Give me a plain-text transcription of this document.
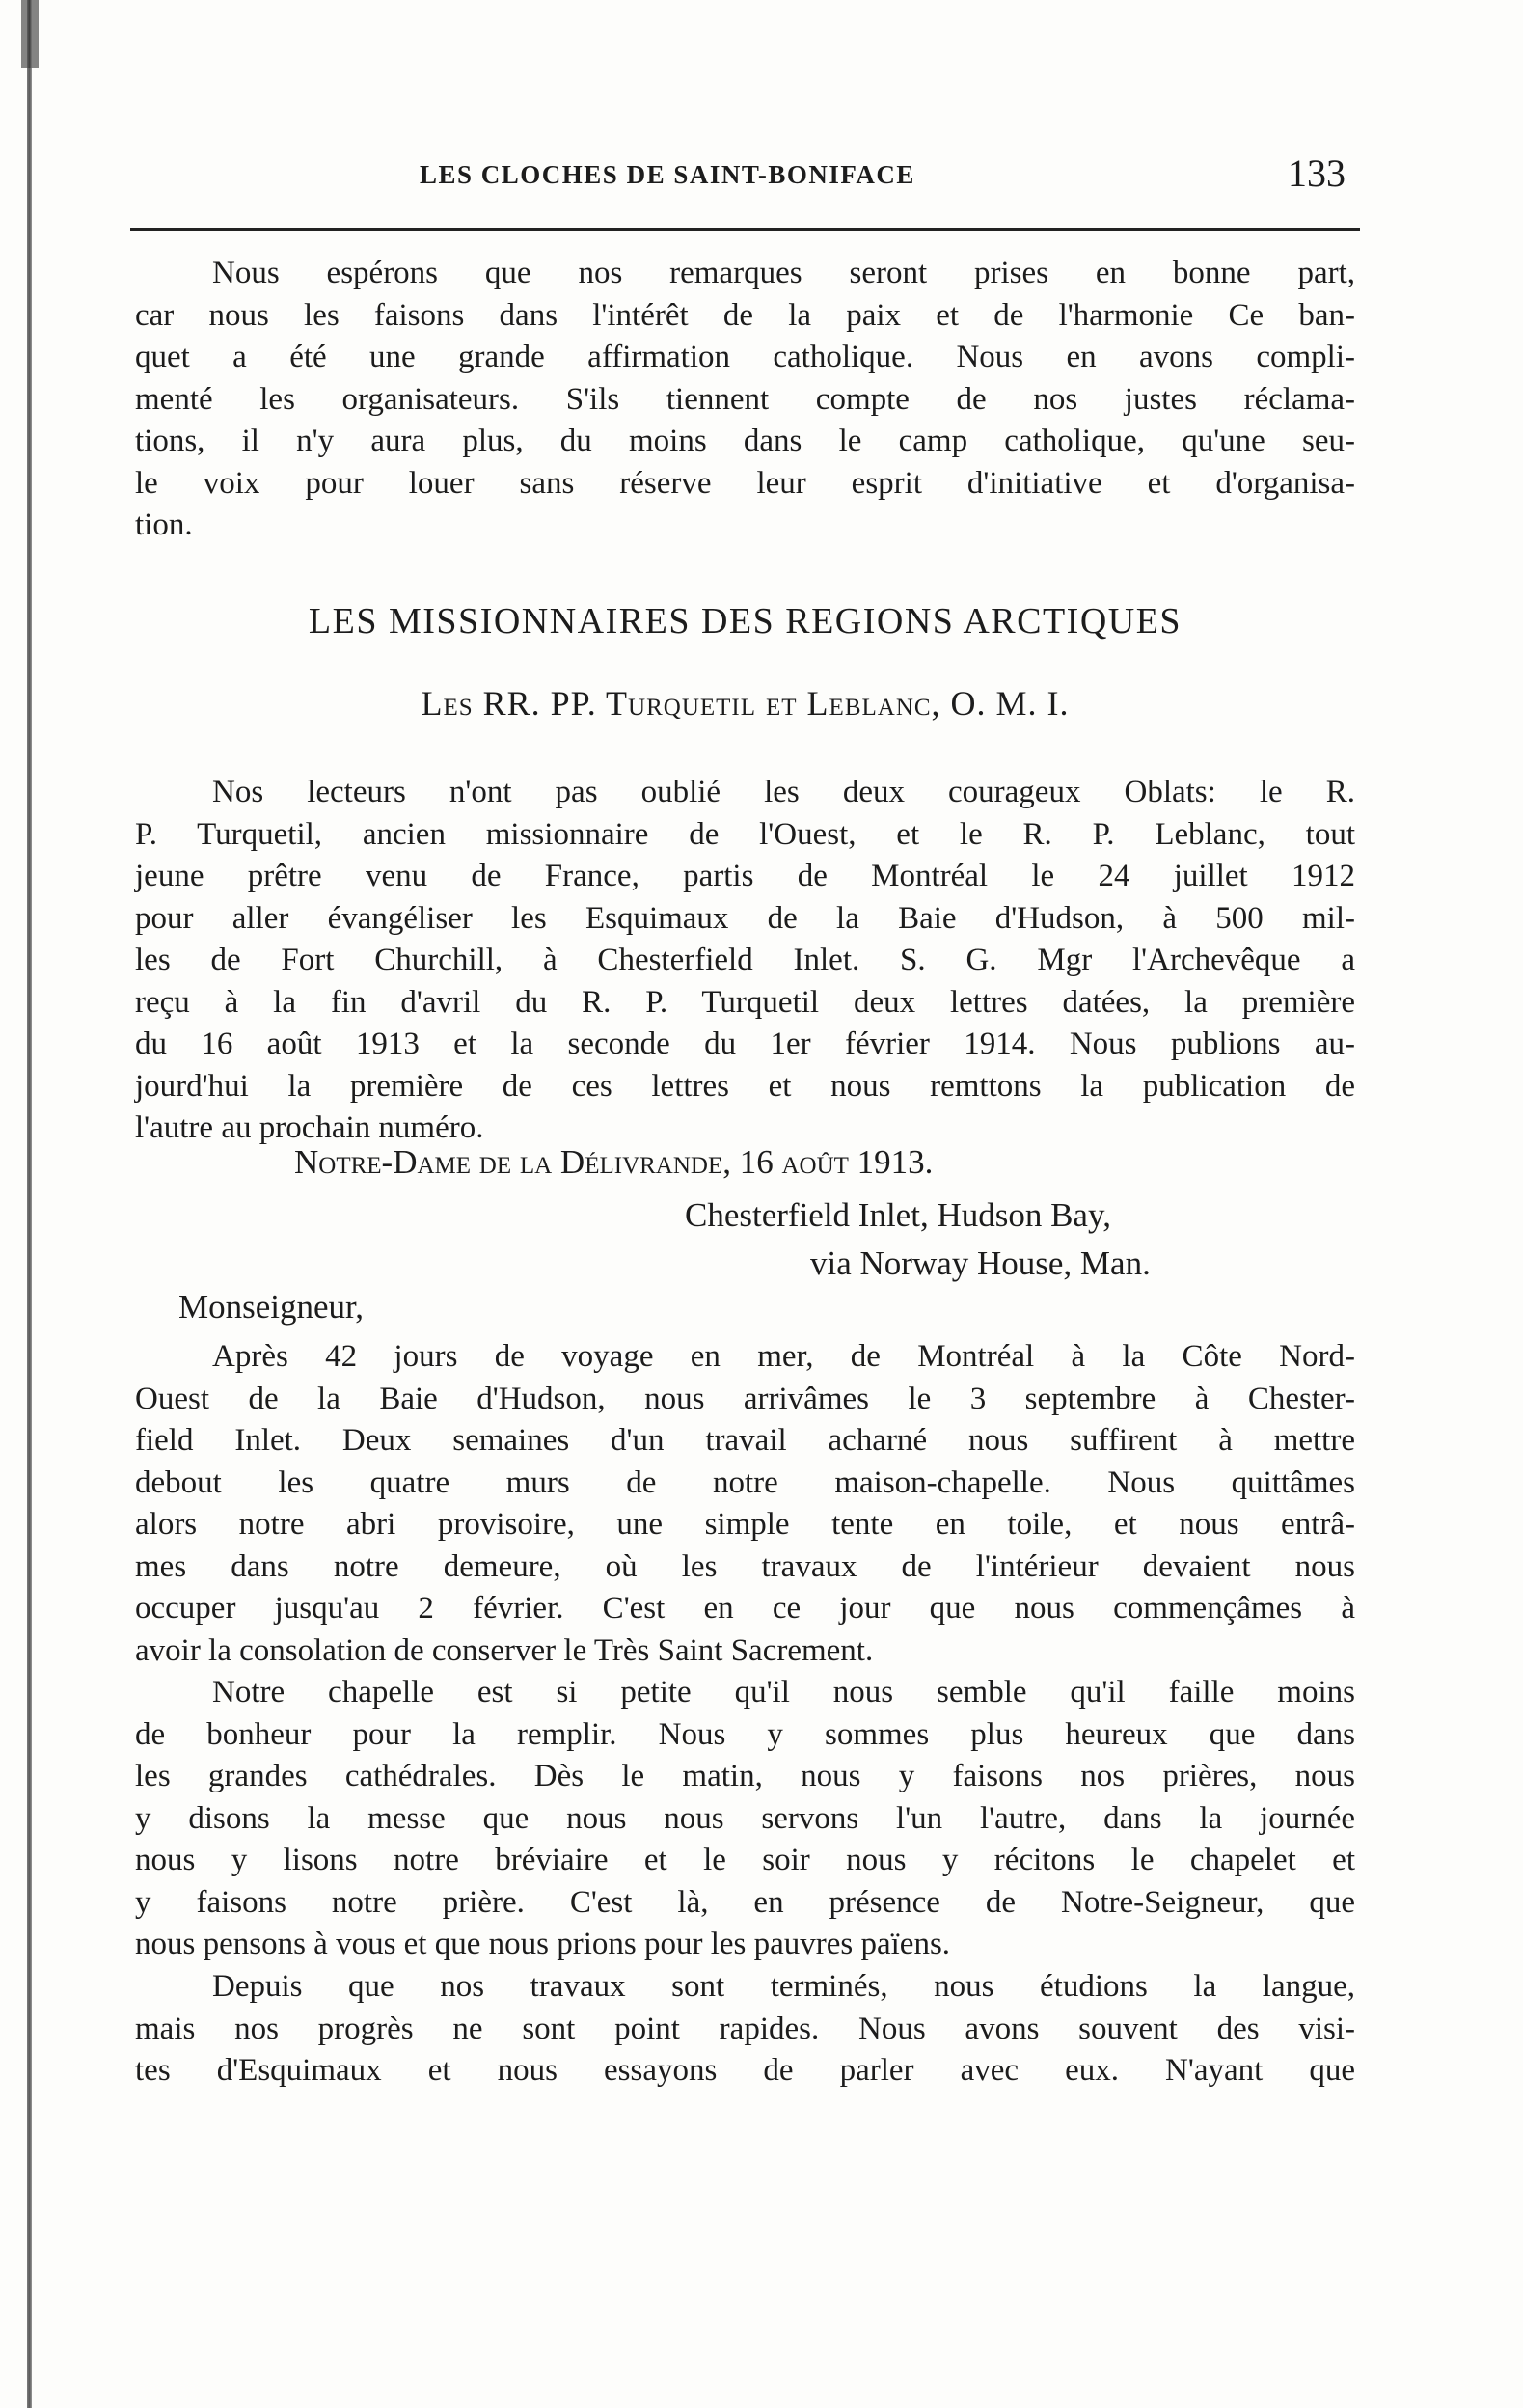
LES CLOCHES DE SAINT-BONIFACE	133
Nous espérons que nos remarques seront prises en bonne part,
car nous les faisons dans l'intérêt de la paix et de l'harmonie Ce ban-
quet a été une grande affirmation catholique. Nous en avons compli-
menté les organisateurs. S'ils tiennent compte de nos justes réclama-
tions, il n'y aura plus, du moins dans le camp catholique, qu'une seu-
le voix pour louer sans réserve leur esprit d'initiative et d'organisa-
tion.
LES MISSIONNAIRES DES REGIONS ARCTIQUES
Les RR. PP. Turquetil et Leblanc, O. M. I.
Nos lecteurs n'ont pas oublié les deux courageux Oblats: le R.
P. Turquetil, ancien missionnaire de l'Ouest, et le R. P. Leblanc, tout
jeune prêtre venu de France, partis de Montréal le 24 juillet 1912
pour aller évangéliser les Esquimaux de la Baie d'Hudson, à 500 mil-
les de Fort Churchill, à Chesterfield Inlet. S. G. Mgr l'Archevêque a
reçu à la fin d'avril du R. P. Turquetil deux lettres datées, la première
du 16 août 1913 et la seconde du 1er février 1914. Nous publions au-
jourd'hui la première de ces lettres et nous remttons la publication de
l'autre au prochain numéro.
Notre-Dame de la Délivrande, 16 août 1913.
Chesterfield Inlet, Hudson Bay,
via Norway House, Man.
Monseigneur,
Après 42 jours de voyage en mer, de Montréal à la Côte Nord-
Ouest de la Baie d'Hudson, nous arrivâmes le 3 septembre à Chester-
field Inlet. Deux semaines d'un travail acharné nous suffirent à mettre
debout les quatre murs de notre maison-chapelle. Nous quittâmes
alors notre abri provisoire, une simple tente en toile, et nous entrâ-
mes dans notre demeure, où les travaux de l'intérieur devaient nous
occuper jusqu'au 2 février. C'est en ce jour que nous commençâmes à
avoir la consolation de conserver le Très Saint Sacrement.
Notre chapelle est si petite qu'il nous semble qu'il faille moins
de bonheur pour la remplir. Nous y sommes plus heureux que dans
les grandes cathédrales. Dès le matin, nous y faisons nos prières, nous
y disons la messe que nous nous servons l'un l'autre, dans la journée
nous y lisons notre bréviaire et le soir nous y récitons le chapelet et
y faisons notre prière. C'est là, en présence de Notre-Seigneur, que
nous pensons à vous et que nous prions pour les pauvres païens.
Depuis que nos travaux sont terminés, nous étudions la langue,
mais nos progrès ne sont point rapides. Nous avons souvent des visi-
tes d'Esquimaux et nous essayons de parler avec eux. N'ayant que
